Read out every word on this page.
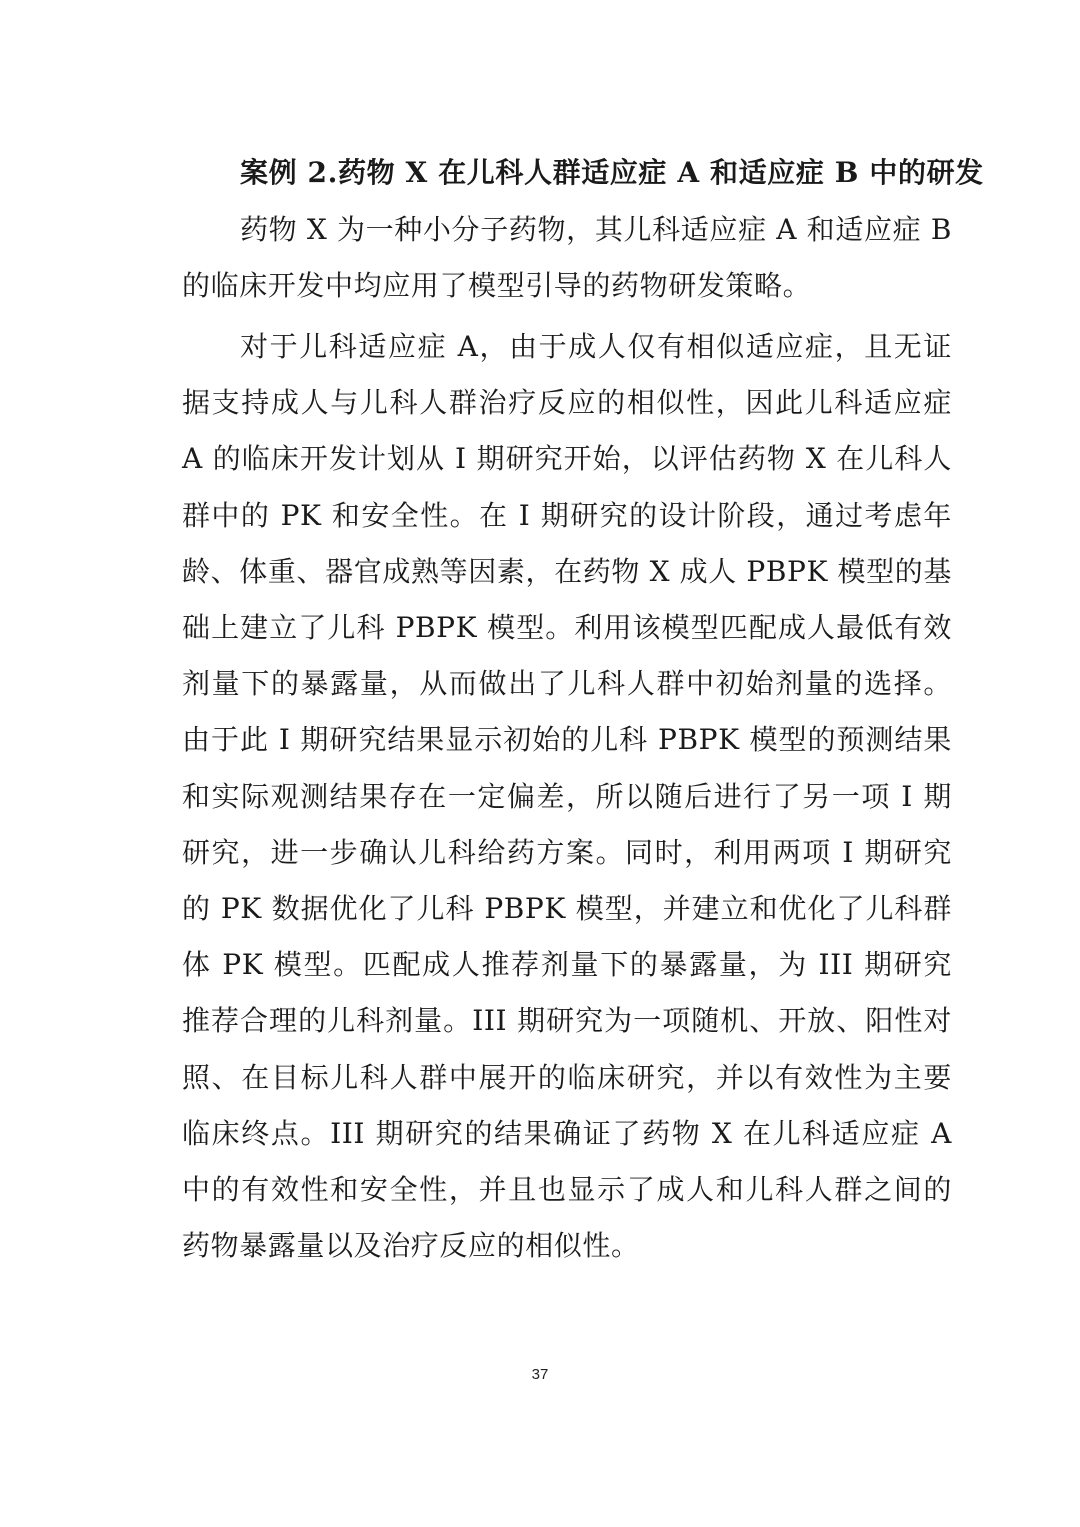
案例 2.药物 X 在儿科人群适应症 A 和适应症 B 中的研发

药物 X 为一种小分子药物，其儿科适应症 A 和适应症 B 的临床开发中均应用了模型引导的药物研发策略。

对于儿科适应症 A，由于成人仅有相似适应症，且无证据支持成人与儿科人群治疗反应的相似性，因此儿科适应症 A 的临床开发计划从 I 期研究开始，以评估药物 X 在儿科人群中的 PK 和安全性。在 I 期研究的设计阶段，通过考虑年龄、体重、器官成熟等因素，在药物 X 成人 PBPK 模型的基础上建立了儿科 PBPK 模型。利用该模型匹配成人最低有效剂量下的暴露量，从而做出了儿科人群中初始剂量的选择。由于此 I 期研究结果显示初始的儿科 PBPK 模型的预测结果和实际观测结果存在一定偏差，所以随后进行了另一项 I 期研究，进一步确认儿科给药方案。同时，利用两项 I 期研究的 PK 数据优化了儿科 PBPK 模型，并建立和优化了儿科群体 PK 模型。匹配成人推荐剂量下的暴露量，为 III 期研究推荐合理的儿科剂量。III 期研究为一项随机、开放、阳性对照、在目标儿科人群中展开的临床研究，并以有效性为主要临床终点。III 期研究的结果确证了药物 X 在儿科适应症 A 中的有效性和安全性，并且也显示了成人和儿科人群之间的药物暴露量以及治疗反应的相似性。

37
